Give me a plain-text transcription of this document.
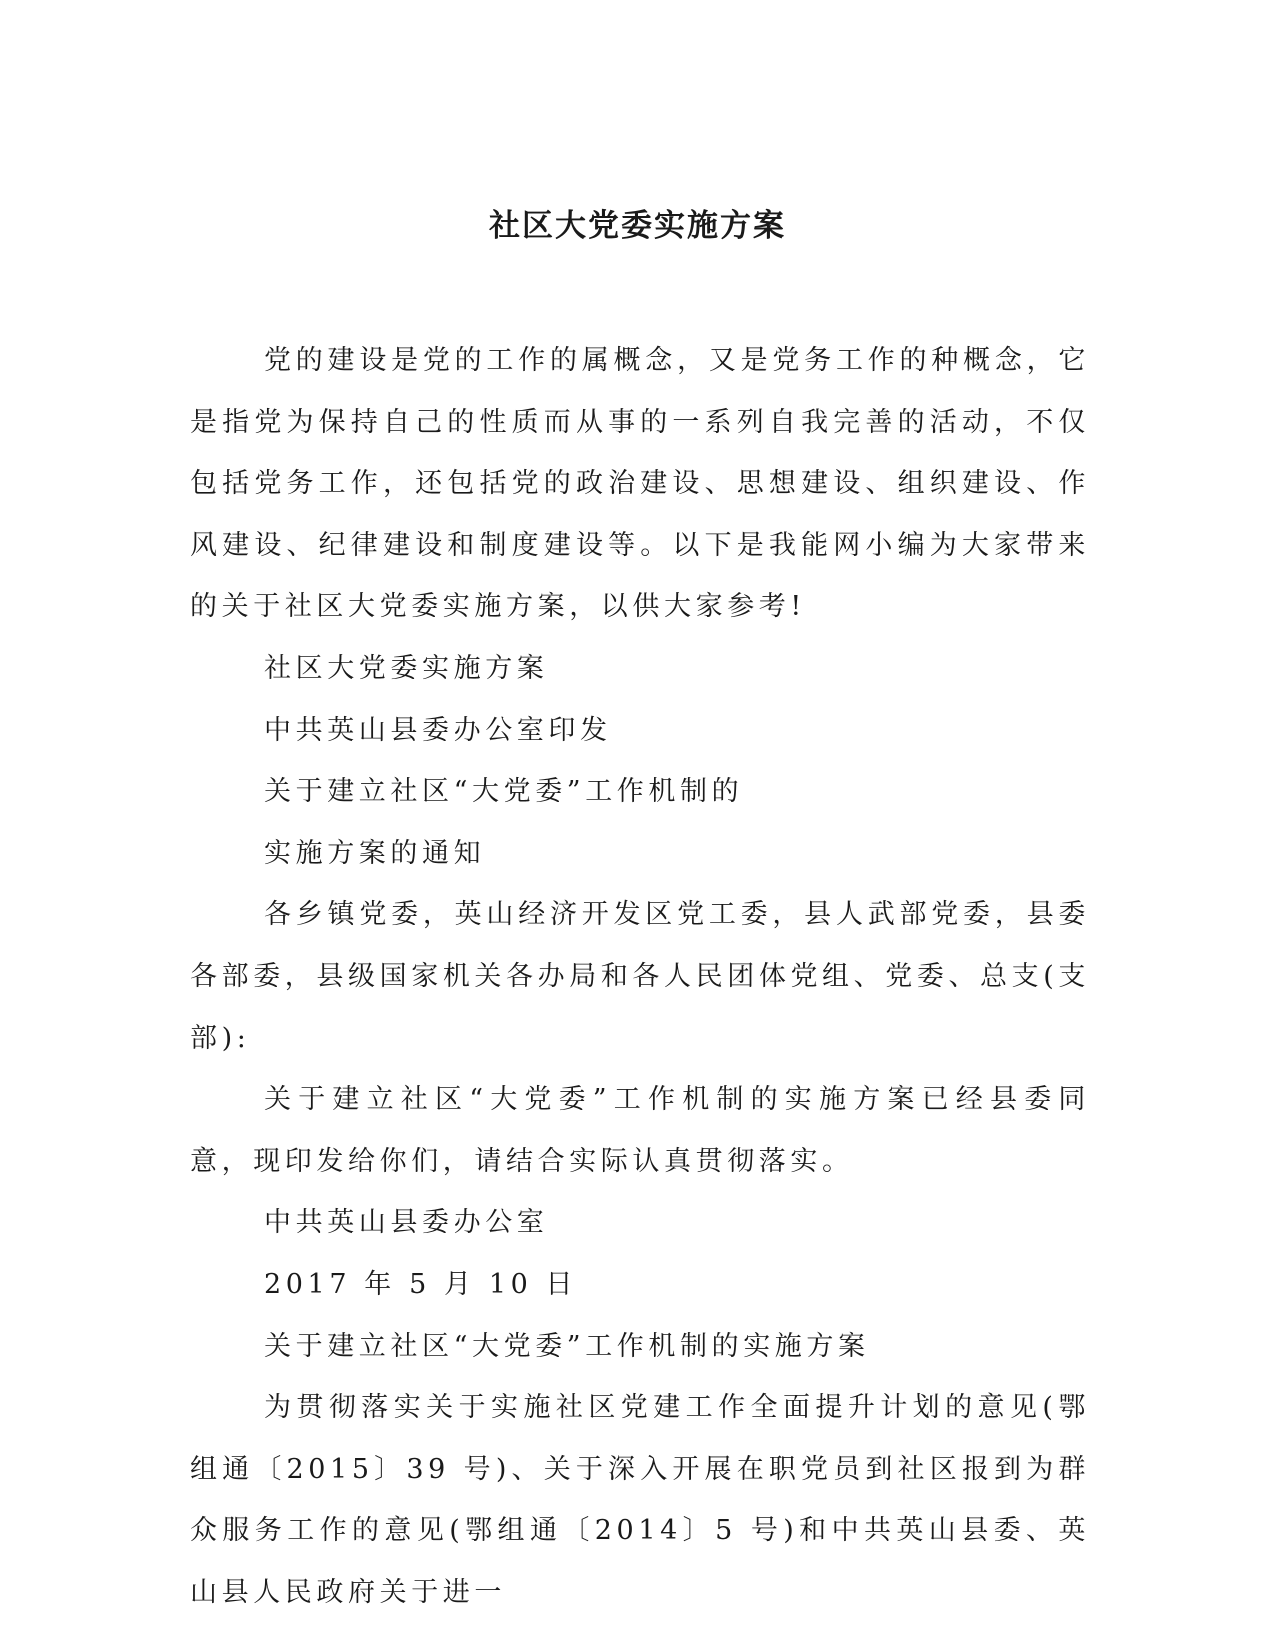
社区大党委实施方案

党的建设是党的工作的属概念，又是党务工作的种概念，它是指党为保持自己的性质而从事的一系列自我完善的活动，不仅包括党务工作，还包括党的政治建设、思想建设、组织建设、作风建设、纪律建设和制度建设等。以下是我能网小编为大家带来的关于社区大党委实施方案，以供大家参考!

社区大党委实施方案

中共英山县委办公室印发

关于建立社区“大党委”工作机制的

实施方案的通知

各乡镇党委，英山经济开发区党工委，县人武部党委，县委各部委，县级国家机关各办局和各人民团体党组、党委、总支(支部):

关于建立社区“大党委”工作机制的实施方案已经县委同意，现印发给你们，请结合实际认真贯彻落实。

中共英山县委办公室

2017 年 5 月 10 日

关于建立社区“大党委”工作机制的实施方案

为贯彻落实关于实施社区党建工作全面提升计划的意见(鄂组通〔2015〕39 号)、关于深入开展在职党员到社区报到为群众服务工作的意见(鄂组通〔2014〕5 号)和中共英山县委、英山县人民政府关于进一
